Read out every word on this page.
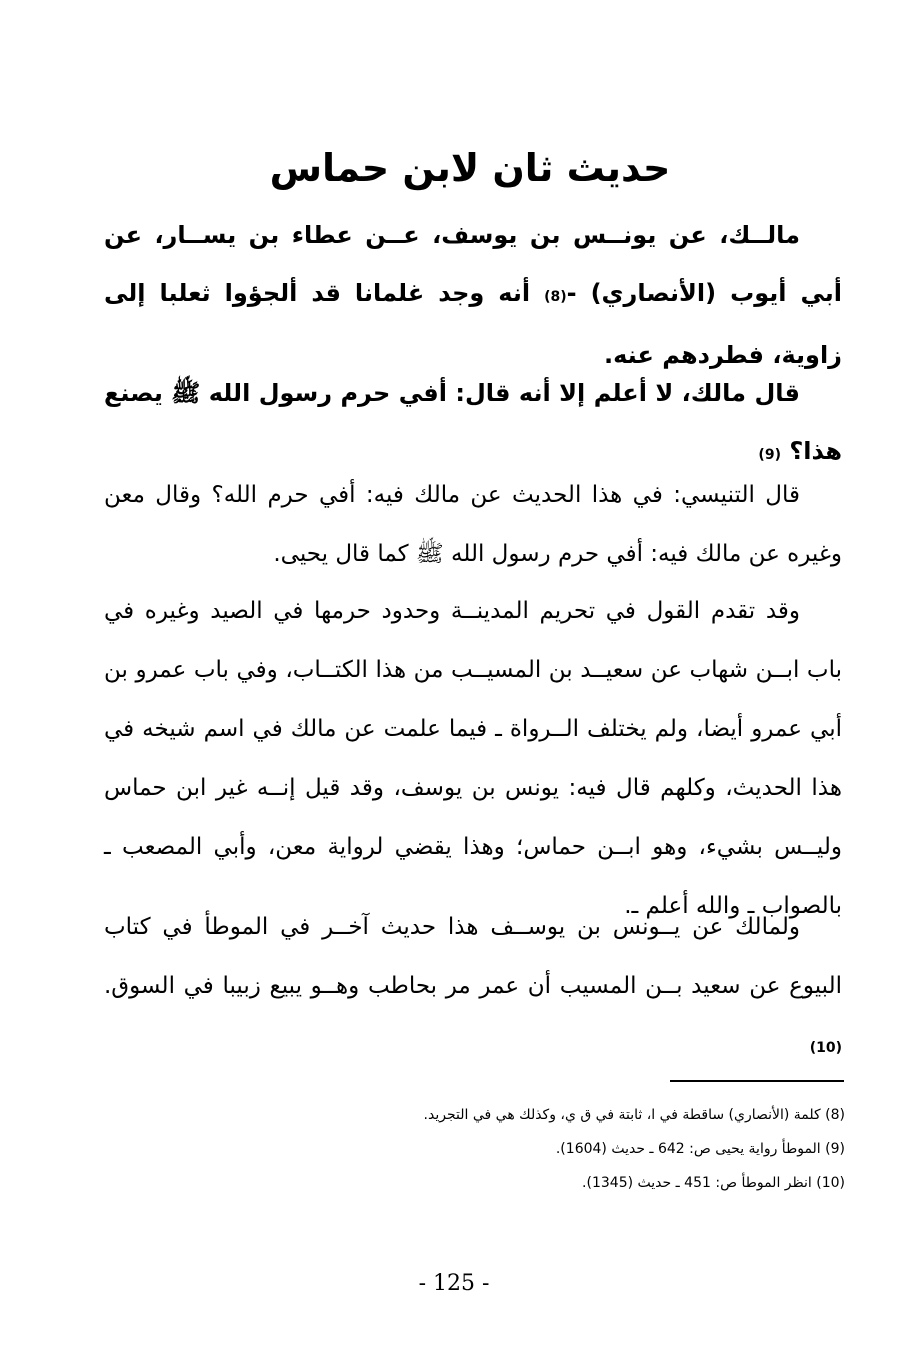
حديث ثان لابن حماس

مالــك، عن يونــس بن يوسف، عــن عطاء بن يســار، عن أبي أيوب (الأنصاري) -(8) أنه وجد غلمانا قد ألجؤوا ثعلبا إلى زاوية، فطردهم عنه.

قال مالك، لا أعلم إلا أنه قال: أفي حرم رسول الله ﷺ يصنع هذا؟ (9)

قال التنيسي: في هذا الحديث عن مالك فيه: أفي حرم الله؟ وقال معن وغيره عن مالك فيه: أفي حرم رسول الله ﷺ كما قال يحيى.

وقد تقدم القول في تحريم المدينــة وحدود حرمها في الصيد وغيره في باب ابــن شهاب عن سعيــد بن المسيــب من هذا الكتــاب، وفي باب عمرو بن أبي عمرو أيضا، ولم يختلف الــرواة ـ فيما علمت عن مالك في اسم شيخه في هذا الحديث، وكلهم قال فيه: يونس بن يوسف، وقد قيل إنــه غير ابن حماس وليــس بشيء، وهو ابــن حماس؛ وهذا يقضي لرواية معن، وأبي المصعب ـ بالصواب ـ والله أعلم ـ.

ولمالك عن يــونس بن يوســف هذا حديث آخــر في الموطأ في كتاب البيوع عن سعيد بــن المسيب أن عمر مر بحاطب وهــو يبيع زبيبا في السوق. (10)

(8) كلمة (الأنصاري) ساقطة في ا، ثابتة في ق ي، وكذلك هي في التجريد.
(9) الموطأ رواية يحيى ص: 642 ـ حديث (1604).
(10) انظر الموطأ ص: 451 ـ حديث (1345).
- 125 -
